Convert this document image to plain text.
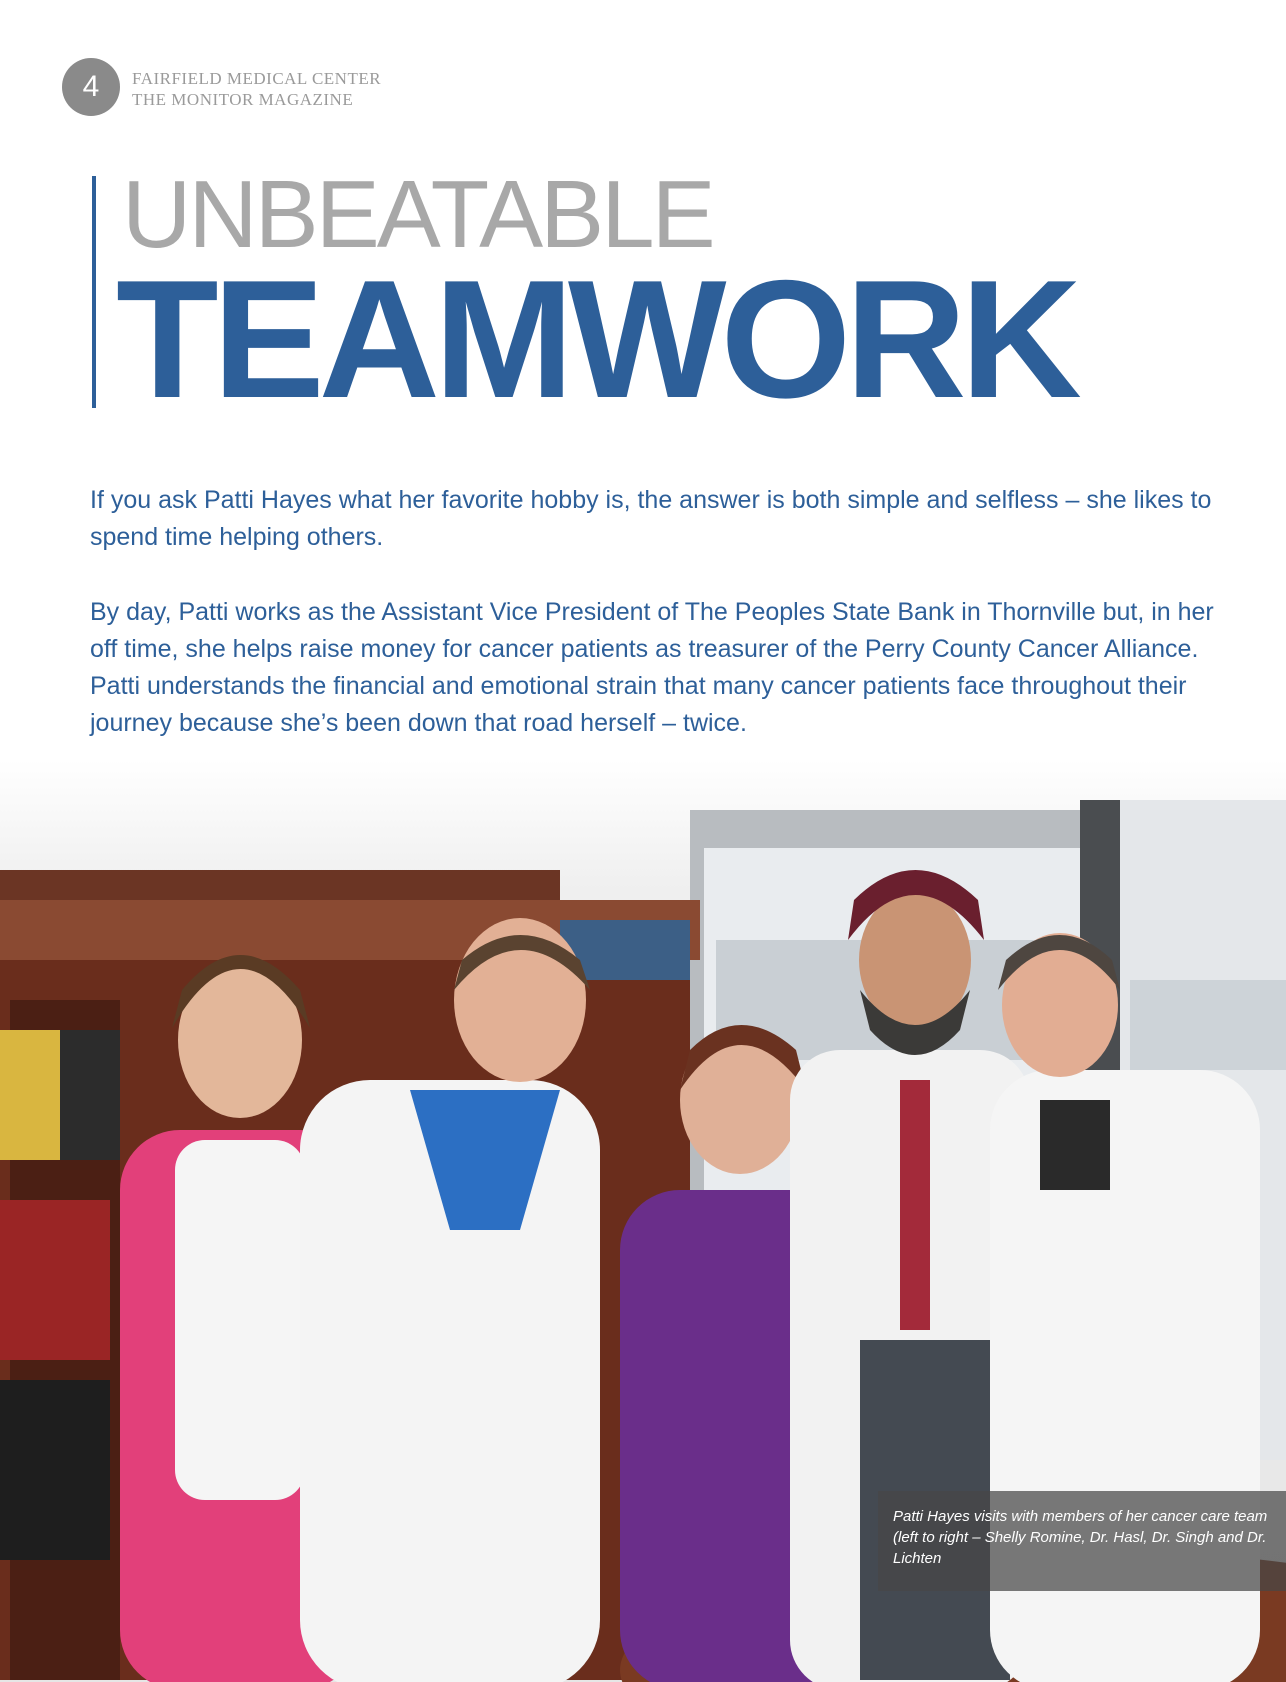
4	FAIRFIELD MEDICAL CENTER
THE MONITOR MAGAZINE
UNBEATABLE
TEAMWORK

If you ask Patti Hayes what her favorite hobby is, the answer is both simple and selfless – she likes to spend time helping others.

By day, Patti works as the Assistant Vice President of The Peoples State Bank in Thornville but, in her off time, she helps raise money for cancer patients as treasurer of the Perry County Cancer Alliance. Patti understands the financial and emotional strain that many cancer patients face throughout their journey because she’s been down that road herself – twice.

Patti Hayes visits with members of her cancer care team (left to right – Shelly Romine, Dr. Hasl, Dr. Singh and Dr. Lichten
